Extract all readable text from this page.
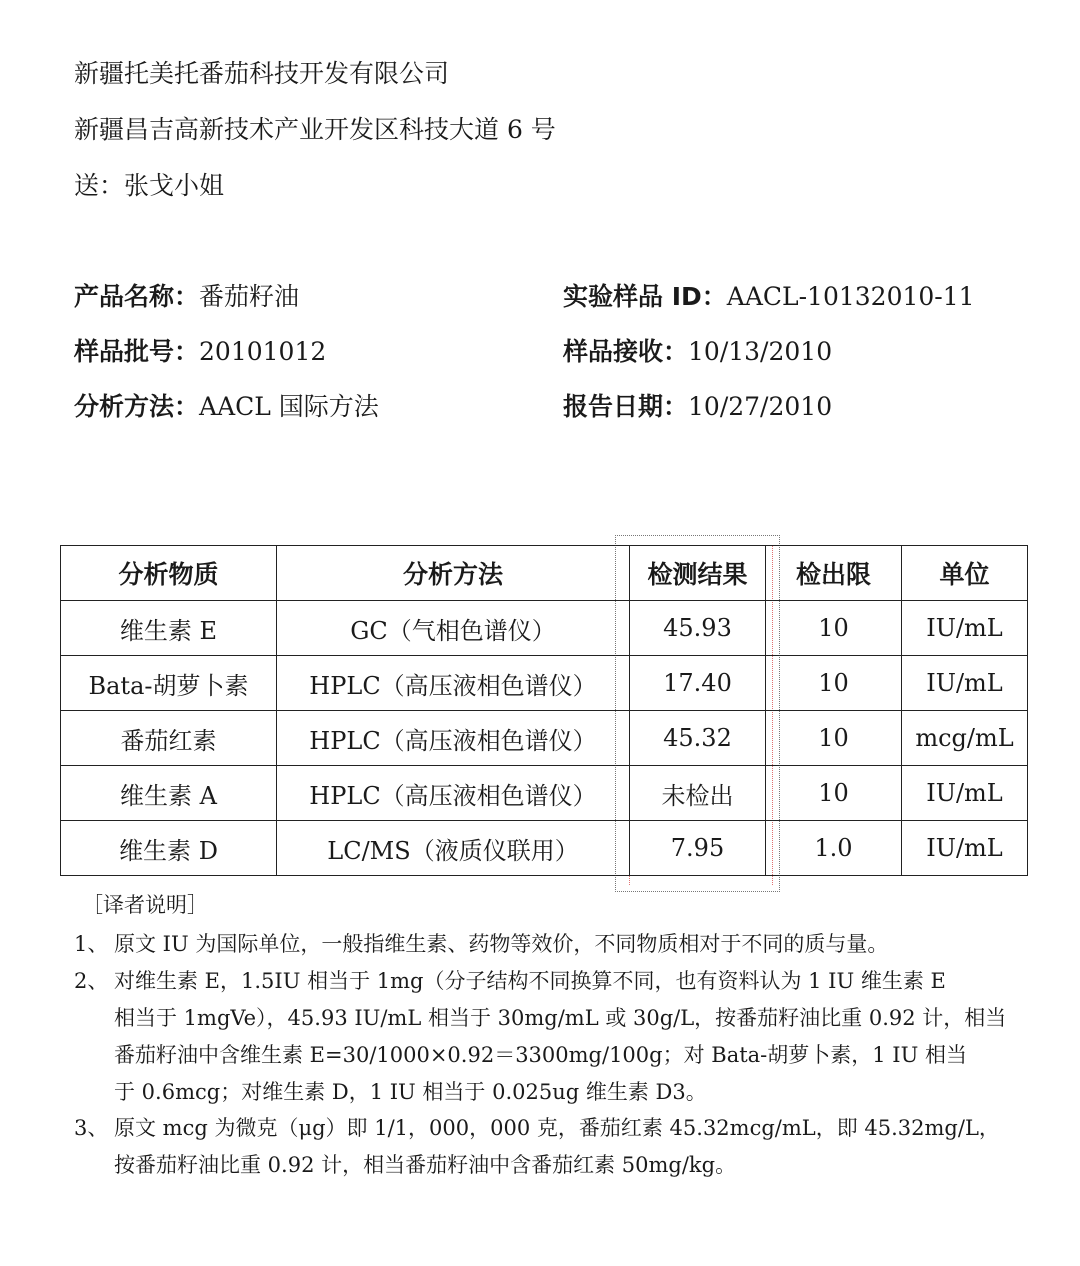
新疆托美托番茄科技开发有限公司
新疆昌吉高新技术产业开发区科技大道 6 号
送：张戈小姐
产品名称：番茄籽油	实验样品 ID：AACL-10132010-11
样品批号：20101012	样品接收：10/13/2010
分析方法：AACL 国际方法	报告日期：10/27/2010
分析物质	分析方法	检测结果	检出限	单位
维生素 E	GC（气相色谱仪）	45.93	10	IU/mL
Bata-胡萝卜素	HPLC（高压液相色谱仪）	17.40	10	IU/mL
番茄红素	HPLC（高压液相色谱仪）	45.32	10	mcg/mL
维生素 A	HPLC（高压液相色谱仪）	未检出	10	IU/mL
维生素 D	LC/MS（液质仪联用）	7.95	1.0	IU/mL
［译者说明］
1、 原文 IU 为国际单位，一般指维生素、药物等效价，不同物质相对于不同的质与量。
2、 对维生素 E，1.5IU 相当于 1mg（分子结构不同换算不同，也有资料认为 1 IU 维生素 E
相当于 1mgVe），45.93 IU/mL 相当于 30mg/mL 或 30g/L，按番茄籽油比重 0.92 计，相当
番茄籽油中含维生素 E=30/1000×0.92＝3300mg/100g；对 Bata-胡萝卜素，1 IU 相当
于 0.6mcg；对维生素 D，1 IU 相当于 0.025ug 维生素 D3。
3、 原文 mcg 为微克（μg）即 1/1，000，000 克，番茄红素 45.32mcg/mL，即 45.32mg/L，
按番茄籽油比重 0.92 计，相当番茄籽油中含番茄红素 50mg/kg。
